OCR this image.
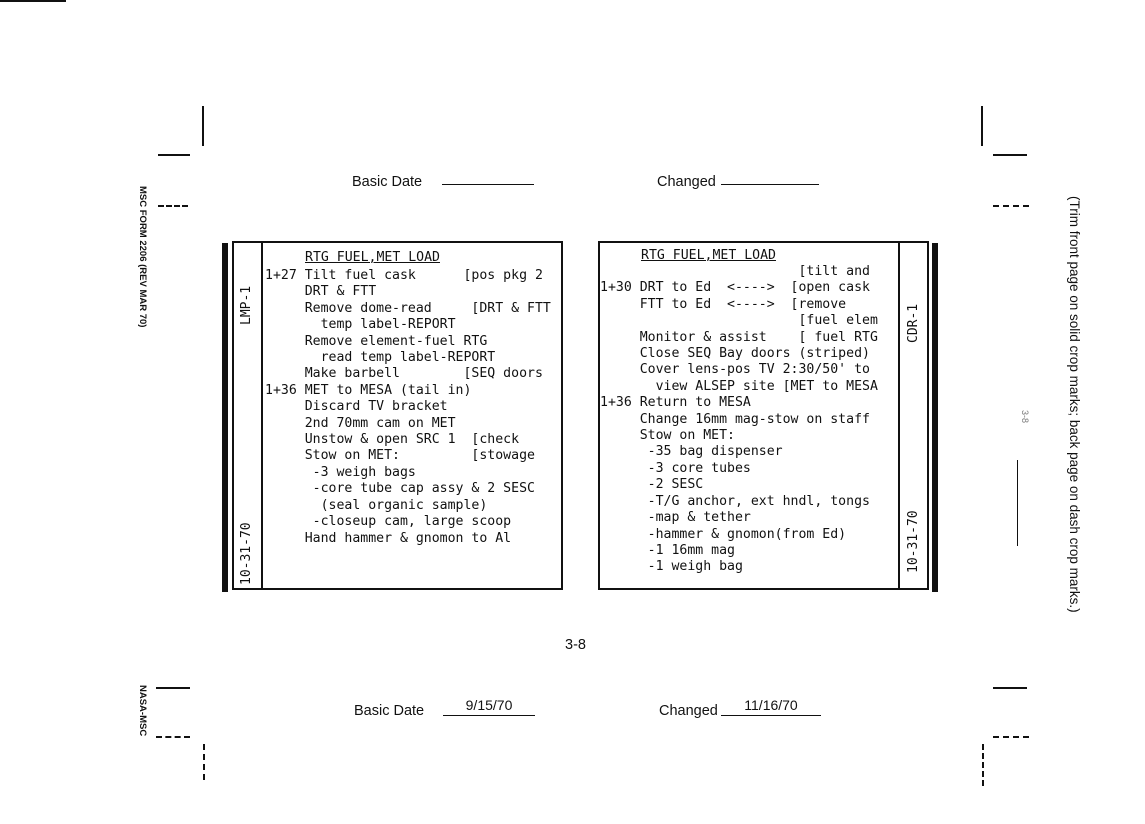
MSC FORM 2206 (REV MAR 70)
NASA-MSC
(Trim front page on solid crop marks; back page on dash crop marks.)
3-8
Basic Date	Changed
LMP-1
10-31-70
RTG FUEL,MET LOAD
1+27 Tilt fuel cask      [pos pkg 2
DRT & FTT
Remove dome-read     [DRT & FTT
temp label-REPORT
Remove element-fuel RTG
read temp label-REPORT
Make barbell        [SEQ doors
1+36 MET to MESA (tail in)
Discard TV bracket
2nd 70mm cam on MET
Unstow & open SRC 1  [check
Stow on MET:         [stowage
-3 weigh bags
-core tube cap assy & 2 SESC
(seal organic sample)
-closeup cam, large scoop
Hand hammer & gnomon to Al
CDR-1
10-31-70
RTG FUEL,MET LOAD
[tilt and
1+30 DRT to Ed  <---->  [open cask
FTT to Ed  <---->  [remove
[fuel elem
Monitor & assist    [ fuel RTG
Close SEQ Bay doors (striped)
Cover lens-pos TV 2:30/50' to
view ALSEP site [MET to MESA
1+36 Return to MESA
Change 16mm mag-stow on staff
Stow on MET:
-35 bag dispenser
-3 core tubes
-2 SESC
-T/G anchor, ext hndl, tongs
-map & tether
-hammer & gnomon(from Ed)
-1 16mm mag
-1 weigh bag
3-8
Basic Date	9/15/70	Changed	11/16/70
